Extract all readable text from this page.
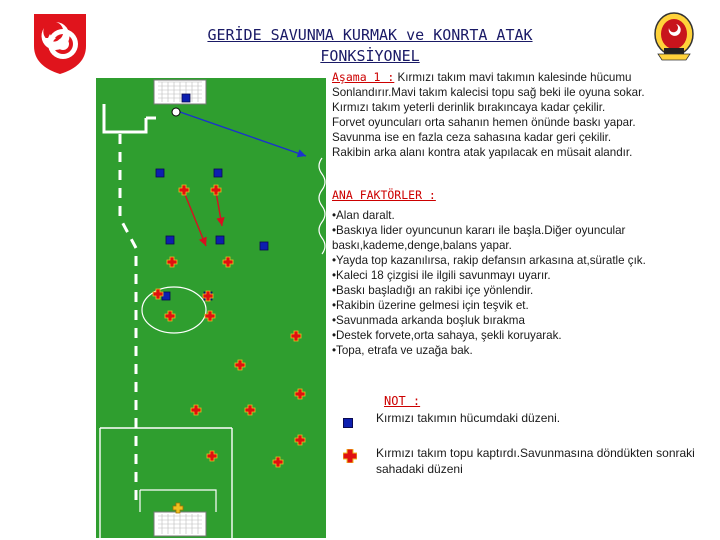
GERİDE SAVUNMA KURMAK ve KONRTA ATAK
FONKSİYONEL
Aşama 1 : Kırmızı takım mavi takımın kalesinde hücumu
Sonlandırır.Mavi takım kalecisi topu sağ beki ile oyuna sokar.
Kırmızı takım yeterli derinlik bırakıncaya kadar çekilir.
Forvet oyuncuları orta sahanın hemen önünde baskı yapar.
Savunma ise en fazla ceza sahasına kadar geri çekilir.
Rakibin arka alanı kontra atak yapılacak en müsait alandır.
ANA FAKTÖRLER :
•Alan daralt.
•Baskıya lider oyuncunun kararı ile başla.Diğer oyuncular
baskı,kademe,denge,balans yapar.
•Yayda top kazanılırsa, rakip defansın arkasına at,süratle çık.
•Kaleci 18 çizgisi ile ilgili savunmayı uyarır.
•Baskı başladığı an rakibi içe yönlendir.
•Rakibin üzerine gelmesi için teşvik et.
•Savunmada arkanda boşluk bırakma
•Destek forvete,orta sahaya, şekli koruyarak.
•Topa, etrafa ve uzağa bak.
NOT :
Kırmızı takımın hücumdaki düzeni.
Kırmızı takım topu kaptırdı.Savunmasına döndükten sonraki sahadaki düzeni
